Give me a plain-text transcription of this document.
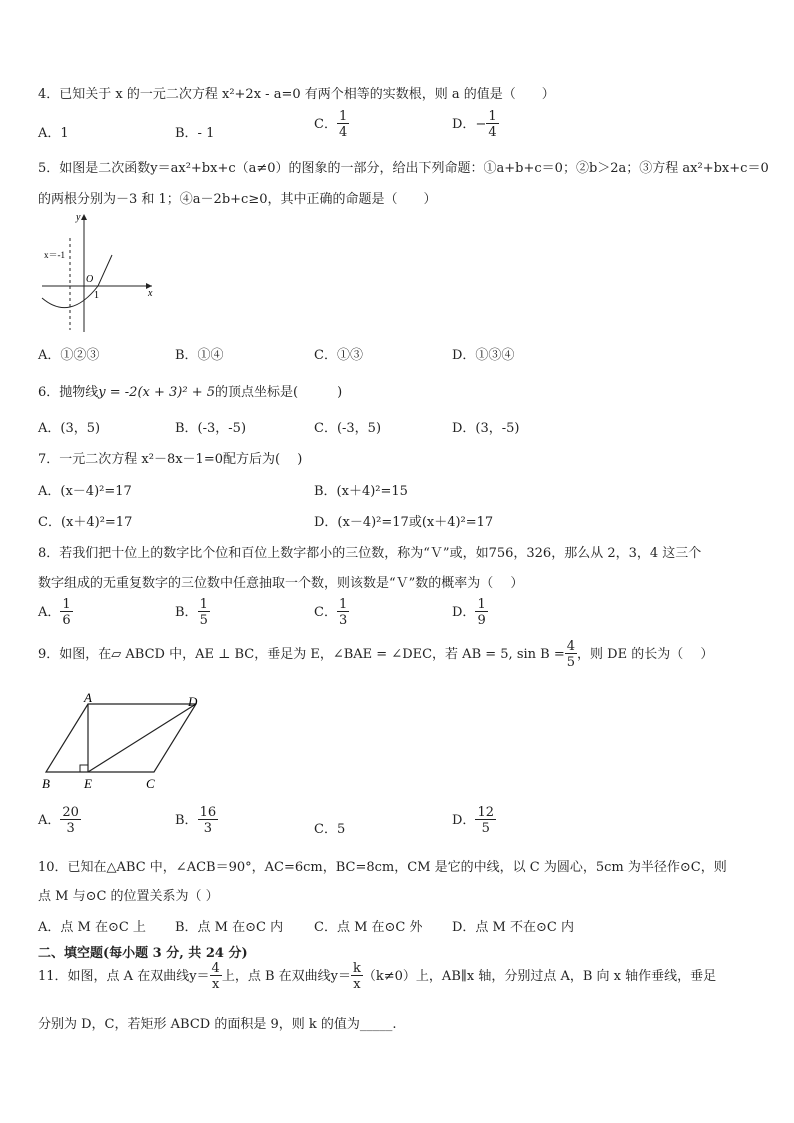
4．已知关于 x 的一元二次方程 x²+2x - a=0 有两个相等的实数根，则 a 的值是（　　）
A．1	B．- 1
C． $\frac{1}{4}$	D．− $\frac{1}{4}$
5．如图是二次函数y＝ax²+bx+c（a≠0）的图象的一部分，给出下列命题：①a+b+c＝0；②b＞2a；③方程 ax²+bx+c＝0
的两根分别为－3 和 1；④a－2b+c≥0，其中正确的命题是（　　）
y
x
O
1
x＝-1
A．①②③	B．①④	C．①③	D．①③④
6．抛物线y = -2(x + 3)² + 5的顶点坐标是(　　　)
A．(3，5)	B．(-3，-5)	C．(-3，5)	D．(3，-5)
7．一元二次方程 x²－8x－1=0配方后为(　 )
A．(x－4)²=17	B．(x＋4)²=15
C．(x＋4)²=17	D．(x－4)²=17或(x＋4)²=17
8．若我们把十位上的数字比个位和百位上数字都小的三位数，称为“Ｖ”或，如756，326，那么从 2，3，4 这三个
数字组成的无重复数字的三位数中任意抽取一个数，则该数是“Ｖ”数的概率为（　 ）
A． $\frac{1}{6}$	B． $\frac{1}{5}$	C． $\frac{1}{3}$	D． $\frac{1}{9}$
9．如图，在▱ ABCD 中，AE ⊥ BC，垂足为 E，∠BAE = ∠DEC，若 AB = 5, $\sin B = \frac{4}{5}$ ，则 DE 的长为（　 ）
A	D
B	E	C
A． $\frac{20}{3}$	B． $\frac{16}{3}$	C．5
D． $\frac{12}{5}$
10．已知在△ABC 中，∠ACB＝90°，AC=6cm，BC=8cm，CM 是它的中线，以 C 为圆心，5cm 为半径作⊙C，则
点 M 与⊙C 的位置关系为（ ）
A．点 M 在⊙C 上 B．点 M 在⊙C 内 C．点 M 在⊙C 外 D．点 M 不在⊙C 内
二、填空题(每小题 3 分, 共 24 分)
11．如图，点 A 在双曲线$y= \frac{4}{x}$ 上，点 B 在双曲线$y= \frac{k}{x} (k\ne 0)$上，AB∥x 轴，分别过点 A，B 向 x 轴作垂线，垂足
分别为 D，C，若矩形 ABCD 的面积是 9，则 k 的值为_____.
